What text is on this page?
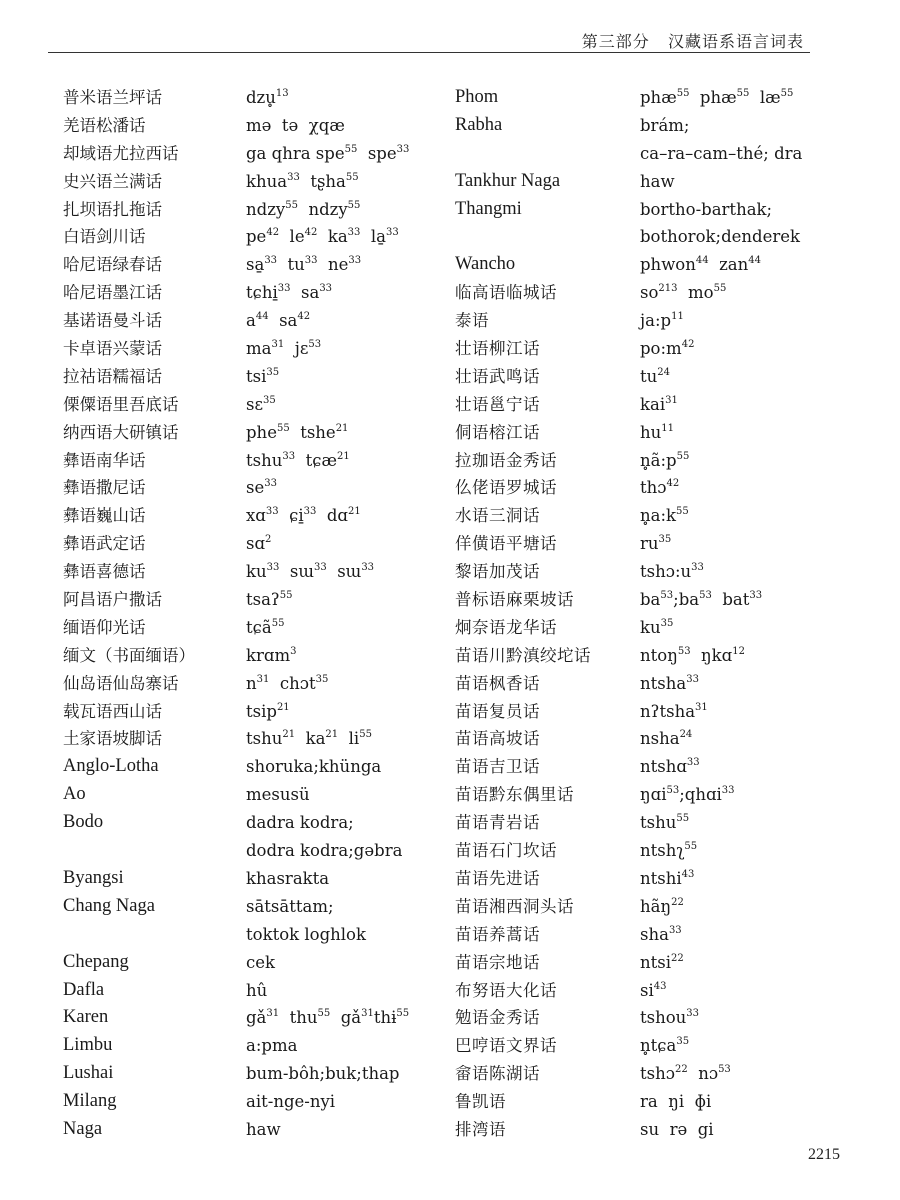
第三部分 汉藏语系语言词表
普米语兰坪话
羌语松潘话
却域语尤拉西话
史兴语兰满话
扎坝语扎拖话
白语剑川话
哈尼语绿春话
哈尼语墨江话
基诺语曼斗话
卡卓语兴蒙话
拉祜语糯福话
傈僳语里吾底话
纳西语大研镇话
彝语南华话
彝语撒尼话
彝语巍山话
彝语武定话
彝语喜德话
阿昌语户撒话
缅语仰光话
缅文（书面缅语）
仙岛语仙岛寨话
载瓦语西山话
土家语坡脚话
Anglo-Lotha
Ao
Bodo
Byangsi
Chang Naga
Chepang
Dafla
Karen
Limbu
Lushai
Milang
Naga
dzu̥$^{13}$
mə  tə  χqæ
ga qhra spe$^{55}$  spe$^{33}$
khua$^{33}$  tʂha$^{55}$
ndzy$^{55}$  ndzy$^{55}$
$pe^{42}$  $le^{42}$  $ka^{33}$  la̱$^{33}$
sa̱$^{33}$  $tu^{33}$  $ne^{33}$
tɕhi̱$^{33}$  $sa^{33}$
$a^{44}$  $sa^{42}$
$ma^{31}$  jɛ$^{53}$
tsi$^{35}$
sɛ$^{35}$
phe$^{55}$  tshe$^{21}$
tshu$^{33}$  tɕæ$^{21}$
$se^{33}$
xɑ$^{33}$  ɕi̱$^{33}$  dɑ$^{21}$
sɑ$^2$
$ku^{33}$  sɯ$^{33}$  sɯ$^{33}$
tsaʔ$^{55}$
tɕã$^{55}$
krɑm$^3$
$n^{31}$  chɔt$^{35}$
tsip$^{21}$
tshu$^{21}$  $ka^{21}$  $li^{55}$
shoruka;khünga
mesusü
dadra kodra;
dodra kodra;gəbra
khasrakta
sātsāttam;
toktok loghlok
cek
hû
$gǎ^{31}$  thu$^{55}$  $gǎ^{31}thɨ^{55}$
a:pma
bum-bôh;buk;thap
ait-nge-nyi
haw
Phom
Rabha
Tankhur Naga
Thangmi
Wancho
临高语临城话
泰语
壮语柳江话
壮语武鸣话
壮语邕宁话
侗语榕江话
拉珈语金秀话
仫佬语罗城话
水语三洞话
佯僙语平塘话
黎语加茂话
普标语麻栗坡话
炯奈语龙华话
苗语川黔滇绞坨话
苗语枫香话
苗语复员话
苗语高坡话
苗语吉卫话
苗语黔东偶里话
苗语青岩话
苗语石门坎话
苗语先进话
苗语湘西洞头话
苗语养蒿话
苗语宗地话
布努语大化话
勉语金秀话
巴哼语文界话
畲语陈湖话
鲁凯语
排湾语
phæ$^{55}$  phæ$^{55}$  $læ^{55}$
brám;
ca–ra–cam–thé; dra
haw
bortho-barthak;
bothorok;denderek
phwon$^{44}$  zan$^{44}$
$so^{213}$  $mo^{55}$
$ja:p^{11}$
$po:m^{42}$
$tu^{24}$
kai$^{31}$
$hu^{11}$
$n̥ã:p^{55}$
thɔ$^{42}$
$n̥a:k^{55}$
$ru^{35}$
$tshɔ:u^{33}$
$ba^{53};ba^{53}$  bat$^{33}$
$ku^{35}$
ntoŋ$^{53}$  ŋkɑ$^{12}$
ntsha$^{33}$
nʔtsha$^{31}$
nsha$^{24}$
ntshɑ$^{33}$
ŋɑi$^{53}$;qhɑi$^{33}$
tshu$^{55}$
ntshʅ$^{55}$
ntshi$^{43}$
hãŋ$^{22}$
sha$^{33}$
ntsi$^{22}$
$si^{43}$
tshou$^{33}$
n̥tɕa$^{35}$
tshɔ$^{22}$  nɔ$^{53}$
ra  ŋi  ɸi
su  rə  gi
2215
